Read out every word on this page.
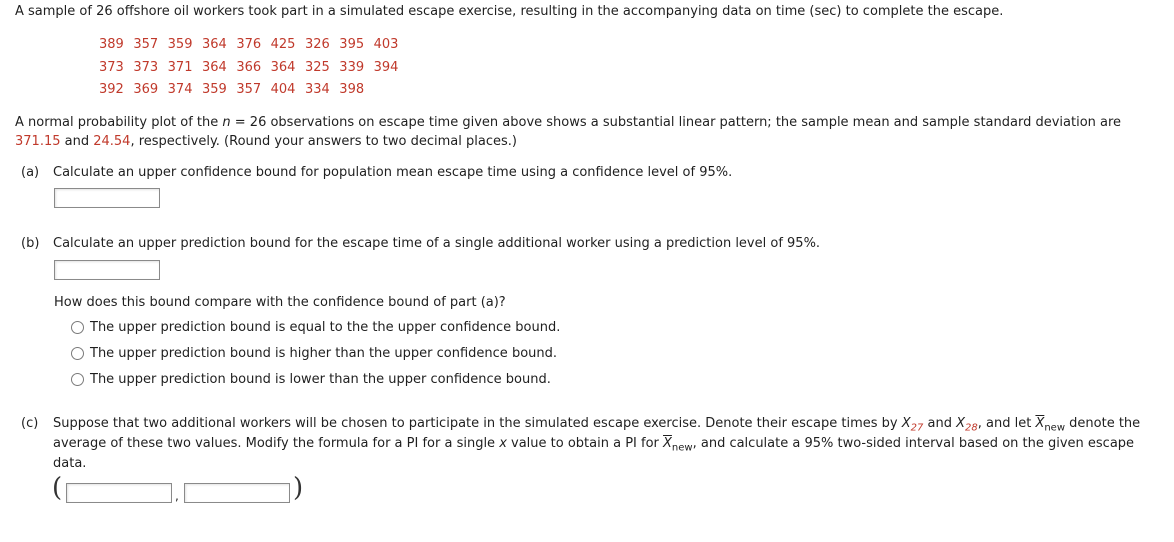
A sample of 26 offshore oil workers took part in a simulated escape exercise, resulting in the accompanying data on time (sec) to complete the escape.
389 357 359 364 376 425 326 395 403
373 373 371 364 366 364 325 339 394
392 369 374 359 357 404 334 398
A normal probability plot of the n = 26 observations on escape time given above shows a substantial linear pattern; the sample mean and sample standard deviation are
371.15 and 24.54, respectively. (Round your answers to two decimal places.)
(a) Calculate an upper confidence bound for population mean escape time using a confidence level of 95%.
(b) Calculate an upper prediction bound for the escape time of a single additional worker using a prediction level of 95%.
How does this bound compare with the confidence bound of part (a)?
The upper prediction bound is equal to the the upper confidence bound.
The upper prediction bound is higher than the upper confidence bound.
The upper prediction bound is lower than the upper confidence bound.
(c) Suppose that two additional workers will be chosen to participate in the simulated escape exercise. Denote their escape times by $X_{27}$ and $X_{28}$, and let $\overline{X}_{new}$ denote the
average of these two values. Modify the formula for a PI for a single x value to obtain a PI for $\overline{X}_{new}$, and calculate a 95% two-sided interval based on the given escape
data.
(	,	)
